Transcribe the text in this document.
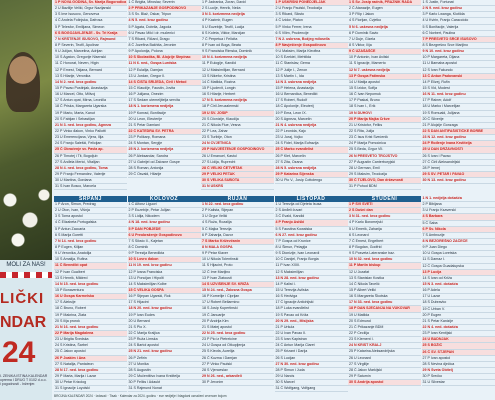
MOLI ZA NAS!
LIČKI
NDAR
24
I. ZENIKA ISTINA KALENDAR
oprema I DRUG T 0102 d.o.o.
i pogodnosti - Inženjer.
1 P NOVA GODINA, Sv. Marija Bogorodica
2 U Bazilije Veliki, Grgur Nazijanski
3 S Ime Isusovo, Genoveva
4 Č Andela Folinjska, Dafrosa
5 P Telesfor, Emilijana, Simeon
6 S BOGOJAVLJENJE - Sv. Tri Kralja
7 N KRŠTENJE ISUSOVO, Rajmund
8 P Severin, Teofil, Apolinar
9 U Julijan, Marcelina, Adrijan
10 S Agaton, Gregorije Nisenski
11 Č Honorat, Neven, Higin
12 P Ernest, Tatjana, Bernard
13 S Hilarije, Veronika
14 N 2. ned. kroz godinu
15 P Pavao Pustinjak, Anastazija
16 U Marcel, Otto, Milivoj
17 S Antun opat, Mirna, Leonilla
18 Č Priska, Margareta Ugarska
19 P Mario, Marta, Kanut
20 S Fabijan i Sebastijan
21 N 3. ned. kroz godinu, Agneza
22 P Vinko đakon, Vinko Pallotti
23 U Emerencijana, Vjera, Ilija
24 S Franjo Saleški, Felicijan
25 Č Obraćenje sv. Pavla ap.
26 P Timotej i Tit, Bogoljub
27 S Anđela Merici, Vitalijan
28 N 4. ned. kroz godinu, Toma
29 P Franjo Fernandez, Valerije
30 U Martina, Gordana
31 S Ivan Bosco, Marcela
1 Č Brigita, Miroslav, Severin
2 P PRIKAZANJE GOSPODINOVO
3 S Sv. Blaž, Oskar, Tripun
4 N 5. ned. kroz godinu
5 P Agata, Dobrila, Jagoda
6 U Pavao Miki i dr. mučenici
7 S Rikard, Ričard, Drago
8 Č Jozefina Bakhita, Jeronim
9 P Apolonija, Polona
10 S Skolastika, Bl. Alojzije Stepinac
11 N 6. ned., Gospa Lurdska
12 P Eulalija, Damjan
13 U Jordan, Gregor II.
14 S ČISTA SRIJEDA, Ćiril i Metod
15 Č Klaudije, Faustin, Jovita
16 P Julijana, Onezim
17 S Sedam utemeljitelja servita
18 N 1. korizmena nedjelja
19 P Konrad, Bonifacije
20 U Leon, Eleuterije
21 S Petar Damiani
22 Č KATEDRA SV. PETRA
23 P Polikarp, Romana
24 S Montan, Sergije
25 N 2. korizmena nedjelja
26 P Aleksandar, Sandra
27 U Gabrijel od Žalosne Gospe
28 S Roman, Antonija
29 Č Osvald, Hilarije
1 P Jadranka, Zoran, David
2 S Lucije, Henrik, Neža
3 N 3. korizmena nedjelja
4 P Kazimir, Eugen
5 U Euzebije, Teofil, Lucija
6 S Koleta, Viktor, Marcijan
7 Č Perpetua i Felicita
8 P Ivan od Boga, Beata
9 S Franciska Rimska, Dominik
10 N 4. korizmena nedjelja
11 P Eulogije, Kandid
12 U Maksimilijan, Bernard
13 S Nikefor, Kristina
14 Č Matilda, Rozina
15 P Ljudevit, Longin
16 S Hilarije, Herbert
17 N 5. korizmena nedjelja
18 P Ćiril Jeruzalemski
19 U SV. JOSIP
20 S Dionizije, Klaudija
21 Č Nikola Flue, Vesna
22 P Lea, Zahar
23 S Turibije, Oton
24 N CVJETNICA
25 P NAVJEŠTENJE GOSPODINOVO
26 U Emanuel, Kastul
27 S Lidija, Ruprecht
28 Č VELIKI ČETVRTAK
29 P VELIKI PETAK
30 S VELIKA SUBOTA
31 N USKRS
1 P USKRSNI PONEDJELJAK
2 U Franjo Paulski, Teodozija
3 S Rikard, Siksto
4 Č Izidor, Platon
5 P Vinko Ferrer, Irena
6 S Vilim, Prudencije
7 N 2. uskrsna, Božjeg milosrđa
8 P Navještenje Gospodinovo
9 U Maksim, Marija Kleofina
10 S Ezekiel, Mehtilda
11 Č Stanislav, Gema
12 P Julije I., Zenon
13 S Martin I., Ida
14 N 3. uskrsna nedjelja
15 P Helena, Anastazija
16 U Bernardica, Benedikt
17 S Robert, Rudolf
18 Č Apolonije, Eleuterij
19 P Ema, Leon IX.
20 S Agneza, Marcelin
21 N 4. uskrsna nedjelja
22 P Leonida, Kajo
23 U Juraj, Vojko
24 S Fidel, Marija Eufrazija
25 Č Marko evanđelist
26 P Klet, Marcelin
27 S Zita, Ozana
28 N 5. uskrsna nedjelja
29 P Katarina Sijenska
30 U Pio V., Josip Cottolengo
1 S Sv. Josip radnik, PRAZNIK RADA
2 Č Atanazije, Eugen
3 P Filip i Jakov
4 S Florijan, Cvjetko
5 N 6. uskrsna nedjelja
6 P Dominik Savio
7 U Duje, Gizela
8 S Viktor, Ilija
9 Č UZAŠAŠĆE
10 P Antonin, Ivan Avilski
11 S Ignacije, Mamerto
12 N 7. uskrsna nedjelja
13 P Gospa Fatimska
14 U Matija apostol
15 S Izidor, Sofija
16 Č Ivan Nepomuk
17 P Paskal, Bruno
18 S Ivan I., Erik
19 N DUHOVI
20 P Marija Majka Crkve
21 U Kristofor, Feliks
22 S Rita, Julija
23 Č Isus Krist Svećenik
24 P Marija Pomoćnica
25 S Beda, Grgur VII.
26 N PRESVETO TROJSTVO
27 P Augustin Canterburyjski
28 U German, Emil
29 S Maksim, Teodozija
30 Č TIJELOVO, Dan državnosti
31 P Pohod BDM
1 S Justin, Fortunat
2 N 9. ned. kroz godinu
3 P Karlo Lwanga, Klotilda
4 U Kvirin, Franjo Caracciolo
5 S Bonifacije, Valerija
6 Č Norbert, Paulina
7 P PRESVETO SRCE ISUSOVO
8 S Bezgrešno Srce Marijino
9 N 10. ned. kroz godinu
10 P Margareta, Dijana
11 U Barnaba apostol
12 S Ivan Fakundo
13 Č Antun Padovanski
14 P Elizej, Rufin
15 S Vid, Modest
16 N 11. ned. kroz godinu
17 P Rainer, Adolf
18 U Marko i Marcelijan
19 S Romuald, Julijana
20 Č Silverije
21 P Alojzije Gonzaga
22 S DAN ANTIFAŠISTIČKE BORBE
23 N 12. ned. kroz godinu
24 P Rođenje Ivana Krstitelja
25 U DAN DRŽAVNOSTI
26 S Ivan i Pavao
27 Č Ćiril Aleksandrijski
28 P Irenej
29 S SV. PETAR I PAVAO
30 N 13. ned. kroz godinu
SRPANJ
1 P Aron, Šimun, Predrag
2 U Oton, Ivan, Višnja
3 S Toma apostol
4 Č Elizabeta Portugalska
5 P Antun Zaccaria
6 S Marija Goretti
7 N 14. ned. kroz godinu
8 P Eugen, Kilijan
9 U Veronika, Anatolija
10 S Amalija, Rufina
11 Č Benedikt opat
12 P Ivan Gualbert
13 S Henrik, Mildred
14 N 15. ned. kroz godinu
15 P Bonaventura
16 U Gospa Karmelska
17 S Aleksije
18 Č Bruno, Robert
19 P Makrina, Zlata
20 S Ilija prorok
21 N 16. ned. kroz godinu
22 P Marija Magdalena
23 U Brigita Švedska
24 S Kristina, Šarbel
25 Č Jakov apostol
26 P Joakim i Ana
27 S Natalija, Pantaleon
28 N 17. ned. kroz godinu
29 P Marta, Marija i Lazar
30 U Petar Krizolog
31 S Ignacije Loyolski
KOLOVOZ
1 Č Alfonz Liguori
2 P Euzebije, Petar Julijan
3 S Lidija, Nikodem
4 N 18. ned. kroz godinu
5 P DAN POBJEDE
6 U Preobraženje Gospodinovo
7 S Siksto II., Kajetan
8 Č Dominik
9 P Terezija Benedikta
10 S Lovro đakon
11 N 19. ned. kroz godinu
12 P Ivana Franciska
13 U Poncijan i Hipolit
14 S Maksimilijan Kolbe
15 Č VELIKA GOSPA
16 P Stjepan Ugarski, Rok
17 S Hijacint
18 N 20. ned. kroz godinu
19 P Ivan Eudes
20 U Bernard
21 S Pio X.
22 Č Marija Kraljica
23 P Ruža Limska
24 S Bartol apostol
25 N 21. ned. kroz godinu
26 P Zefirin
27 U Monika
28 S Augustin
29 Č Mučeništvo Ivana Krstitelja
30 P Feliks i Adaukt
31 S Rajmund Nonat
RUJAN
1 N 22. ned. kroz godinu
2 P Kalista, Stjepan
3 U Grgur Veliki
4 S Ruža, Rozalija
5 Č Majka Terezija
6 P Zaharija, Davor
7 S Marko Križevčanin
8 N MALA GOSPA
9 P Petar Klaver
10 U Nikola Tolentinski
11 S Hijacint, Proto
12 Č Ime Marijino
13 P Ivan Zlatousti
14 S UZVIŠENJE SV. KRIŽA
15 N 24. ned., Žalosna Gospa
16 P Kornelije i Ciprijan
17 U Robert Bellarmino
18 S Josip Kupertinski
19 Č Januarije
20 P Andrija Kim
21 S Matej apostol
22 N 25. ned. kroz godinu
23 P Pio iz Pietrelcine
24 U Gospa od Otkupljenja
25 S Kleofa, Aurelija
26 Č Kuzma i Damjan
27 P Vinko Paulski
28 S Vjenceslav
29 N 26. ned., arkanđeli
30 P Jeronim
LISTOPAD
1 U Terezija od Djeteta Isusa
2 S Anđeli čuvari
3 Č Evald, Kandid
4 P Franjo Asiški
5 S Faustina Kowalska
6 N 27. ned. kroz godinu
7 P Gospa od Krunice
8 U Šimun, Pelagija
9 S Dionizije, Ivan Leonardi
10 Č Danijel, Franjo Borgia
11 P Ivan XXIII.
12 S Maksimilijan
13 N 28. ned. kroz godinu
14 P Kalist I.
15 U Terezija Avilska
16 S Hedviga
17 Č Ignacije Antiohijski
18 P Luka evanđelist
19 S Pavao od Križa
20 N 29. ned., Misijska
21 P Uršula
22 U Ivan Pavao II.
23 S Ivan Kapistran
24 Č Antun Marija Claret
25 P Krizant i Darija
26 S Lucijan
27 N 30. ned. kroz godinu
28 P Šimun i Juda
29 U Narcis
30 S Marcel
31 Č Wolfgang, Volfgang
STUDENI
1 P SVI SVETI
2 S Dušni dan
3 N 31. ned. kroz godinu
4 P Karlo Boromejski
5 U Emerik, Zaharija
6 S Leonard
7 Č Ernest, Engelbert
8 P Bogdan, Godfrid
9 S Posveta Lateranske baz.
10 N 32. ned. kroz godinu
11 P Martin biskup
12 U Jozafat
13 S Stanislav Kostka
14 Č Nikola Tavelić
15 P Albert Veliki
16 S Margareta Škotska
17 N 33. ned. kroz godinu
18 P DAN SJEĆANJA NA VUKOVAR
19 U Matilda
20 S Edmund
21 Č Prikazanje BDM
22 P Cecilija
23 S Klement I.
24 N KRIST KRALJ
25 P Katarina Aleksandrijska
26 U Leonard
27 S Virgilije
28 Č Jakov Markijski
29 P Saturnin
30 S Andrija apostol
1 N 1. nedjelja došašća
2 P Bibijana
3 U Franjo Ksaverski
4 S Barbara
5 Č Saba
6 P Sv. Nikola
7 S Ambrozije
8 N BEZGREŠNO ZAČEĆE
9 P Juan Diego
10 U Gospa Loretska
11 S Damaz I.
12 Č Gospa Guadalupska
13 P Lucija
14 S Ivan od Križa
15 N 3. ned. došašća
16 P Adela
17 U Lazar
18 S Dubravko
19 Č Urban V.
20 P Eugen
21 S Petar Kanizije
22 N 4. ned. došašća
23 P Ivan Kentijski
24 U BADNJAK
25 S BOŽIĆ
26 Č SV. STJEPAN
27 P Ivan apostol
28 S Nevina dječica
29 N Sveta Obitelj
30 P Srećko
31 U Silvestar
BROJNA KALENDAR 2024 · Izdavač · Tisak · Kalendar za 2024. godinu · sve nedjelje i blagdani označeni crvenom bojom
